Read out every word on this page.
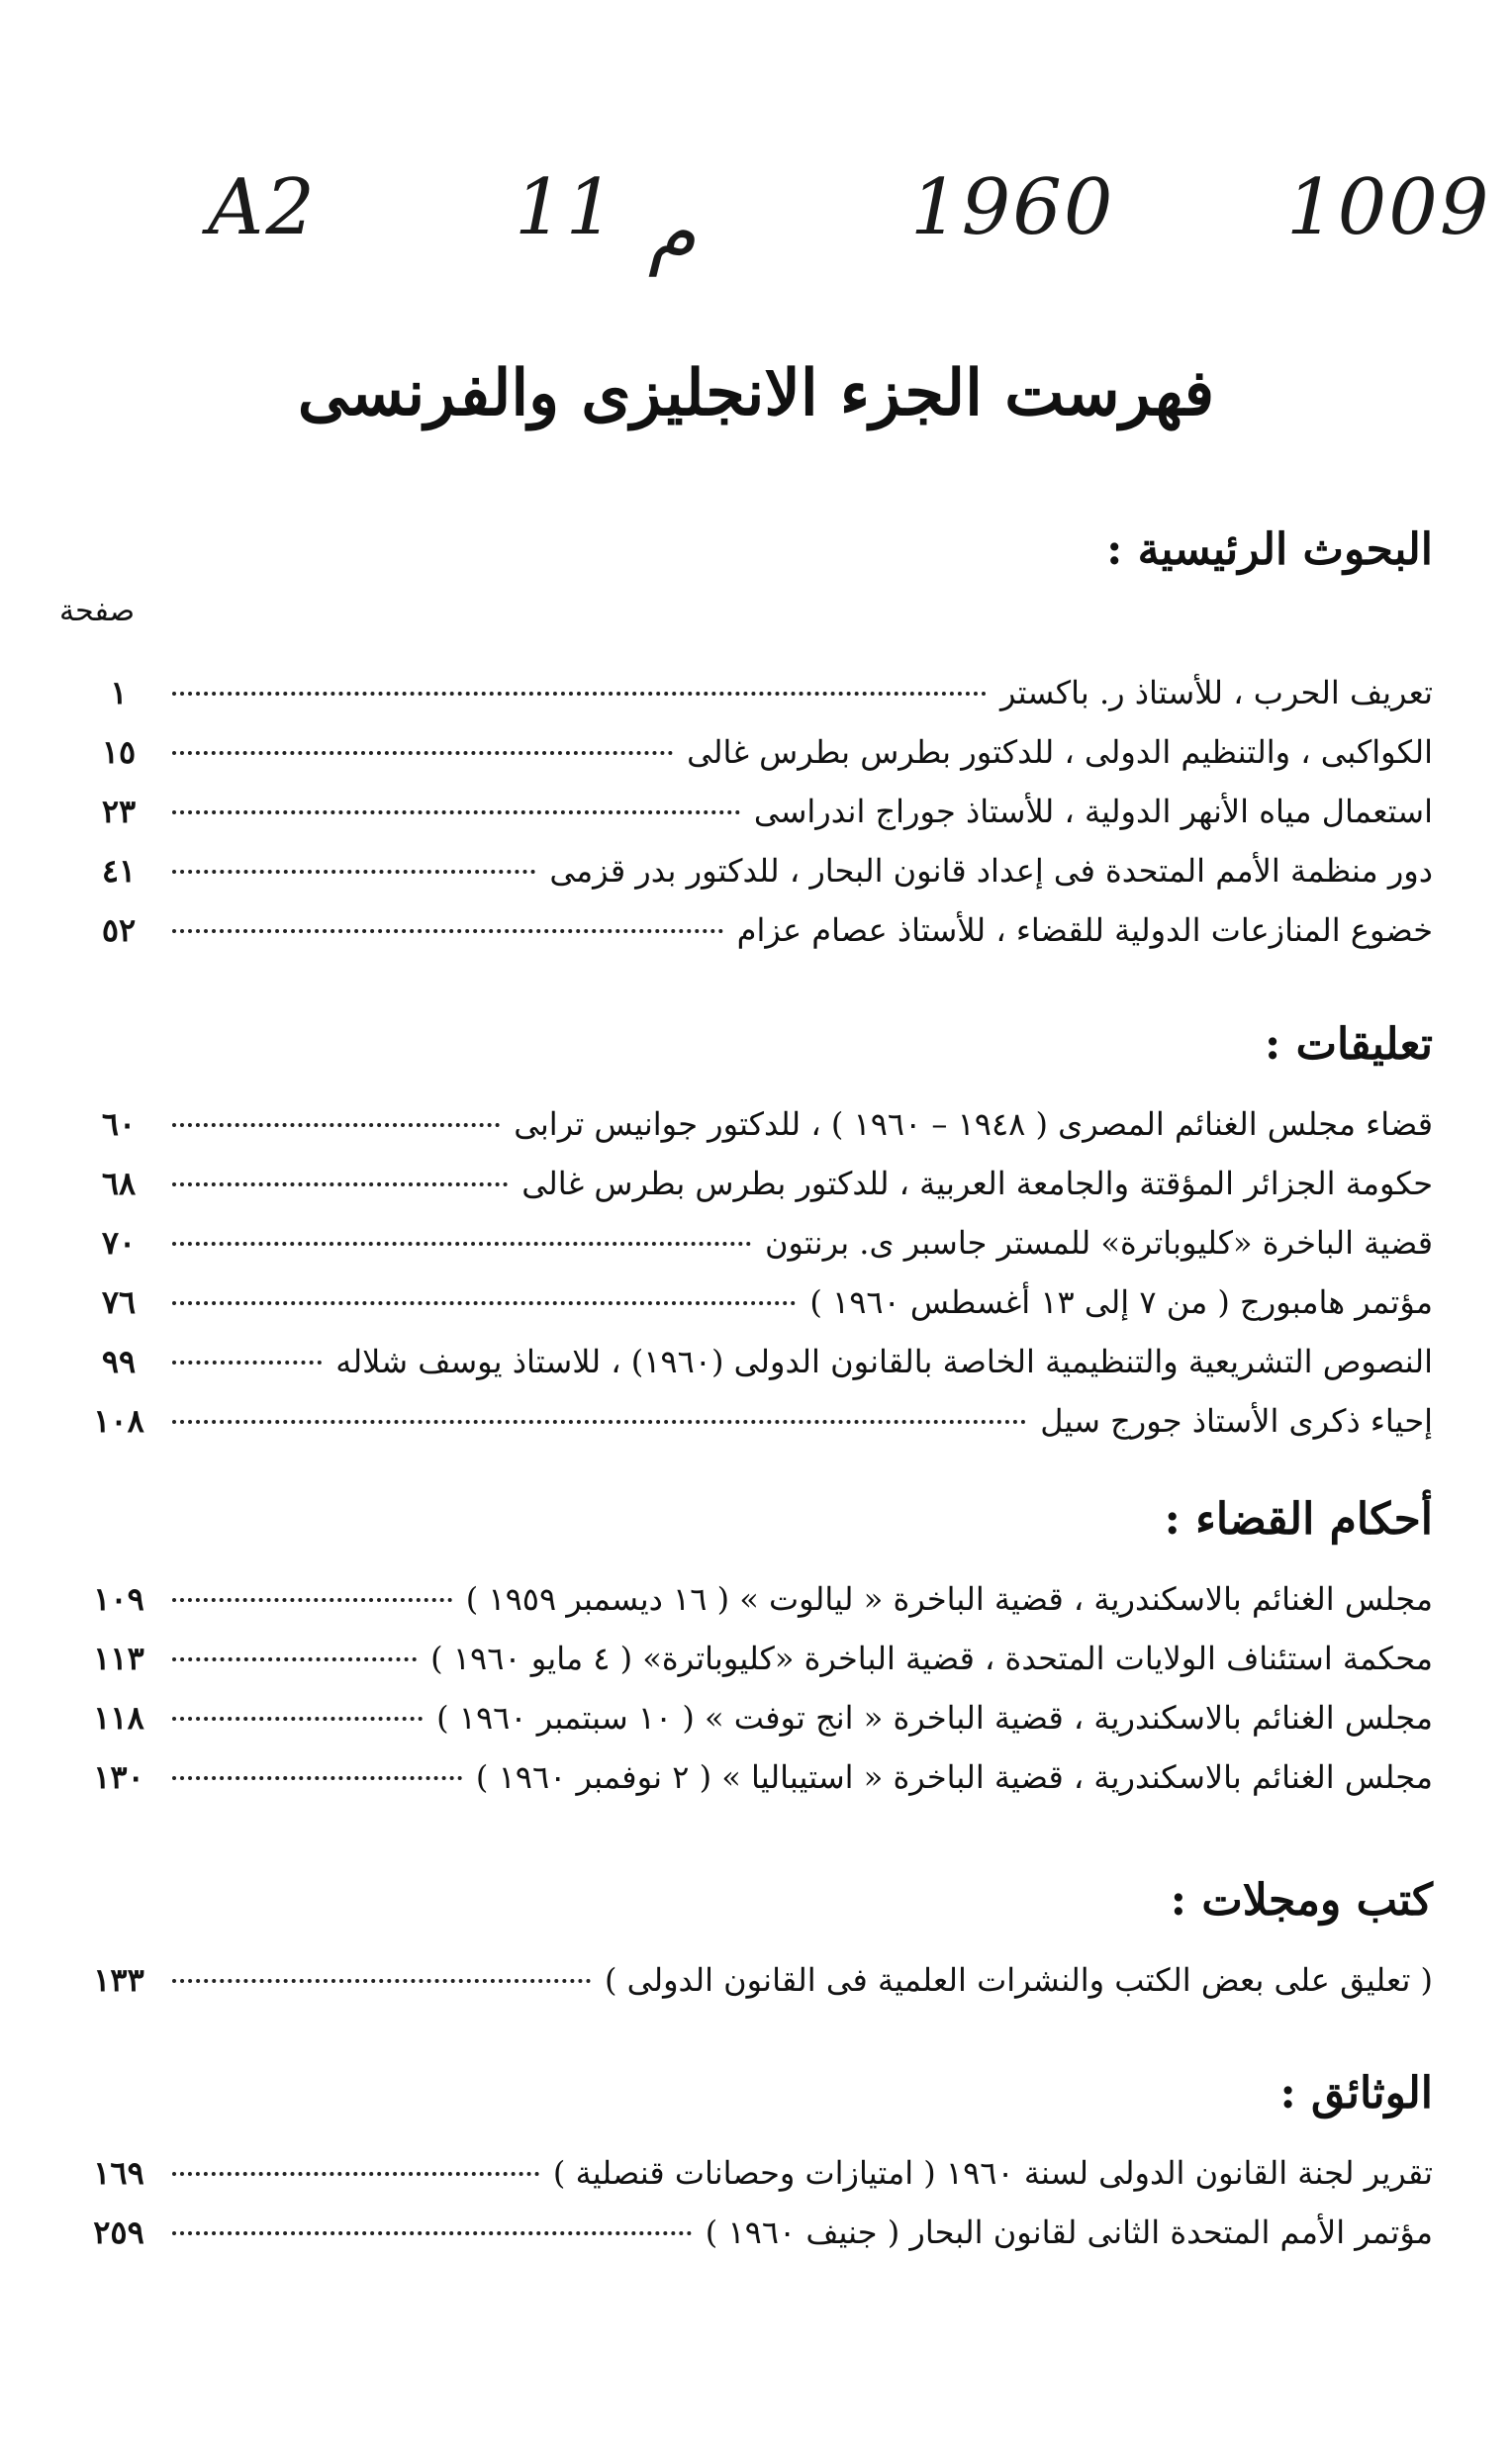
A2	11 م	1960 1009
فهرست الجزء الانجليزى والفرنسى
صفحة
البحوث الرئيسية :
تعريف الحرب ، للأستاذ ر. باكستر
١
الكواكبى ، والتنظيم الدولى ، للدكتور بطرس بطرس غالى
١٥
استعمال مياه الأنهر الدولية ، للأستاذ جوراج اندراسى
٢٣
دور منظمة الأمم المتحدة فى إعداد قانون البحار ، للدكتور بدر قزمى
٤١
خضوع المنازعات الدولية للقضاء ، للأستاذ عصام عزام
٥٢
تعليقات :
قضاء مجلس الغنائم المصرى ( ١٩٤٨ – ١٩٦٠ ) ، للدكتور جوانيس ترابى
٦٠
حكومة الجزائر المؤقتة والجامعة العربية ، للدكتور بطرس بطرس غالى
٦٨
قضية الباخرة «كليوباترة» للمستر جاسبر ى. برنتون
٧٠
مؤتمر هامبورج ( من ٧ إلى ١٣ أغسطس ١٩٦٠ )
٧٦
النصوص التشريعية والتنظيمية الخاصة بالقانون الدولى (١٩٦٠) ، للاستاذ يوسف شلاله
٩٩
إحياء ذكرى الأستاذ جورج سيل
١٠٨
أحكام القضاء :
مجلس الغنائم بالاسكندرية ، قضية الباخرة « ليالوت » ( ١٦ ديسمبر ١٩٥٩ )
١٠٩
محكمة استئناف الولايات المتحدة ، قضية الباخرة «كليوباترة» ( ٤ مايو ١٩٦٠ )
١١٣
مجلس الغنائم بالاسكندرية ، قضية الباخرة « انج توفت » ( ١٠ سبتمبر ١٩٦٠ )
١١٨
مجلس الغنائم بالاسكندرية ، قضية الباخرة « استيباليا » ( ٢ نوفمبر ١٩٦٠ )
١٣٠
كتب ومجلات :
( تعليق على بعض الكتب والنشرات العلمية فى القانون الدولى )
١٣٣
الوثائق :
تقرير لجنة القانون الدولى لسنة ١٩٦٠ ( امتيازات وحصانات قنصلية )
١٦٩
مؤتمر الأمم المتحدة الثانى لقانون البحار ( جنيف ١٩٦٠ )
٢٥٩
